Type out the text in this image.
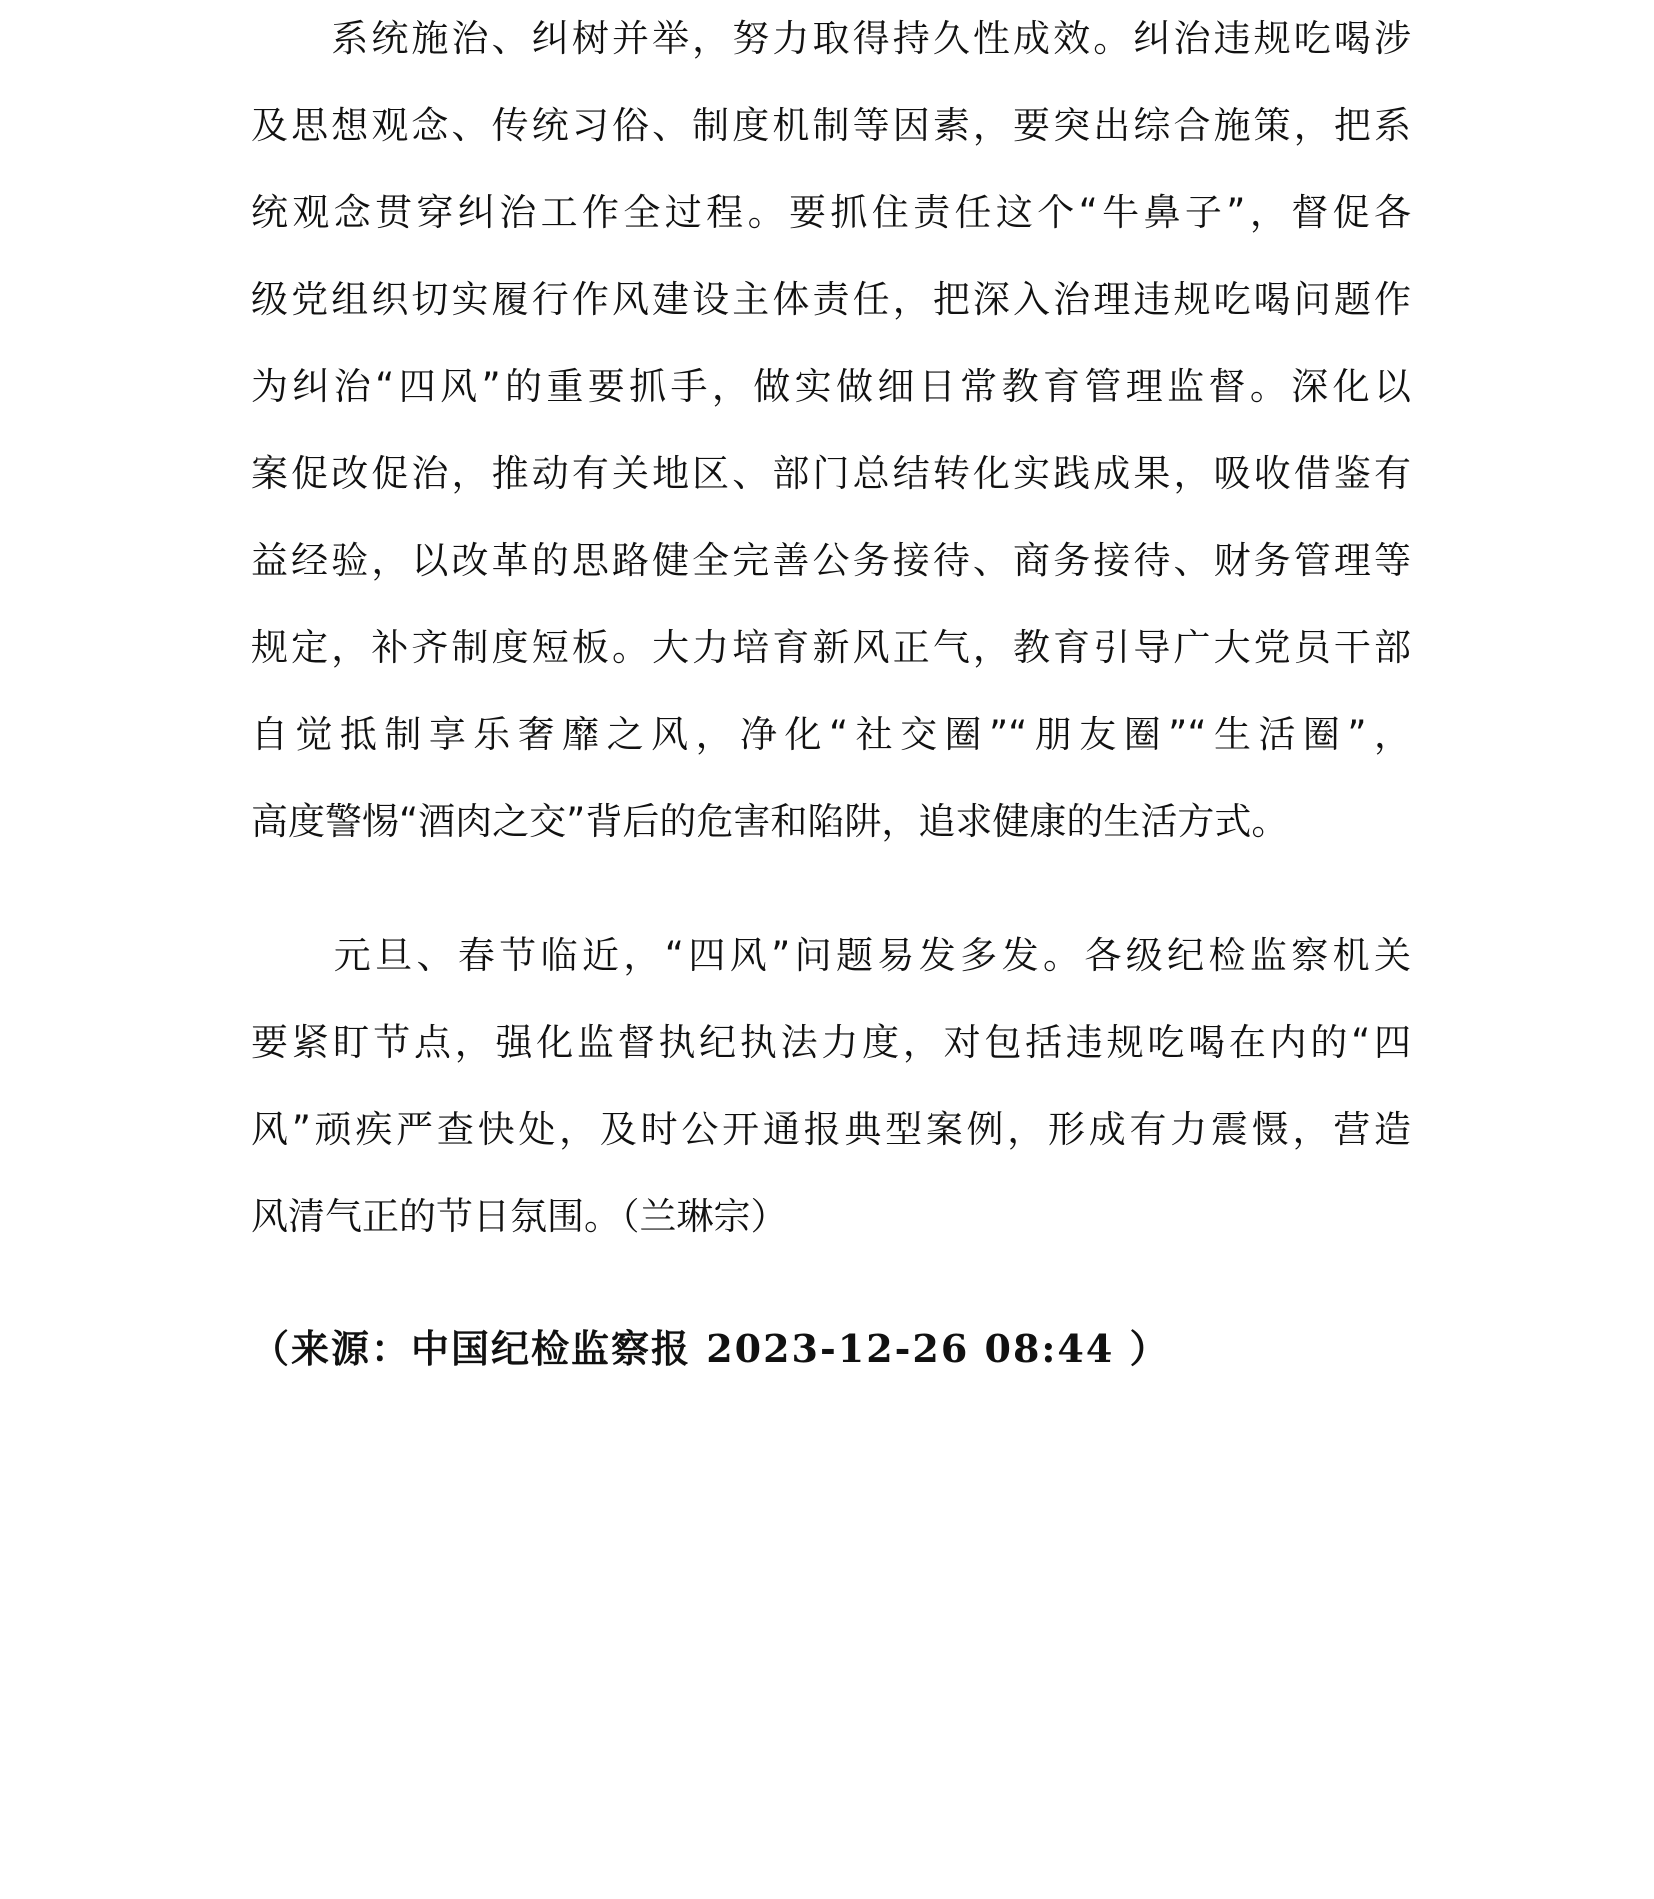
　　系统施治、纠树并举，努力取得持久性成效。纠治违规吃喝涉
及思想观念、传统习俗、制度机制等因素，要突出综合施策，把系
统观念贯穿纠治工作全过程。要抓住责任这个“牛鼻子”，督促各
级党组织切实履行作风建设主体责任，把深入治理违规吃喝问题作
为纠治“四风”的重要抓手，做实做细日常教育管理监督。深化以
案促改促治，推动有关地区、部门总结转化实践成果，吸收借鉴有
益经验，以改革的思路健全完善公务接待、商务接待、财务管理等
规定，补齐制度短板。大力培育新风正气，教育引导广大党员干部
自觉抵制享乐奢靡之风，净化“社交圈”“朋友圈”“生活圈”，
高度警惕“酒肉之交”背后的危害和陷阱，追求健康的生活方式。
　　元旦、春节临近，“四风”问题易发多发。各级纪检监察机关
要紧盯节点，强化监督执纪执法力度，对包括违规吃喝在内的“四
风”顽疾严查快处，及时公开通报典型案例，形成有力震慑，营造
风清气正的节日氛围。（兰琳宗）
（来源：中国纪检监察报 2023-12-26 08:44 ）
